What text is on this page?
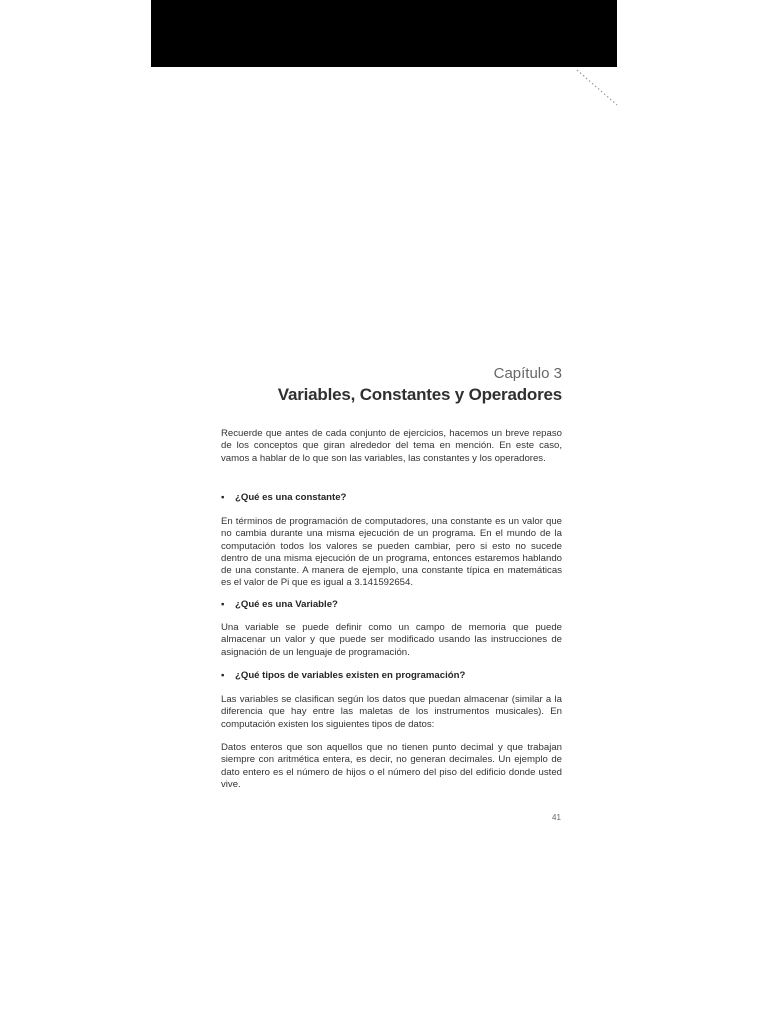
Capítulo 3
Variables, Constantes y Operadores

Recuerde que antes de cada conjunto de ejercicios, hacemos un breve repaso de los conceptos que giran alrededor del tema en mención. En este caso, vamos a hablar de lo que son las variables, las constantes y los operadores.

▪ ¿Qué es una constante?

En términos de programación de computadores, una constante es un valor que no cambia durante una misma ejecución de un programa. En el mundo de la computación todos los valores se pueden cambiar, pero si esto no sucede dentro de una misma ejecución de un programa, entonces estaremos hablando de una constante. A manera de ejemplo, una constante típica en matemáticas es el valor de Pi que es igual a 3.141592654.

▪ ¿Qué es una Variable?

Una variable se puede definir como un campo de memoria que puede almacenar un valor y que puede ser modificado usando las instrucciones de asignación de un lenguaje de programación.

▪ ¿Qué tipos de variables existen en programación?

Las variables se clasifican según los datos que puedan almacenar (similar a la diferencia que hay entre las maletas de los instrumentos musicales). En computación existen los siguientes tipos de datos:

Datos enteros que son aquellos que no tienen punto decimal y que trabajan siempre con aritmética entera, es decir, no generan decimales. Un ejemplo de dato entero es el número de hijos o el número del piso del edificio donde usted vive.

41
